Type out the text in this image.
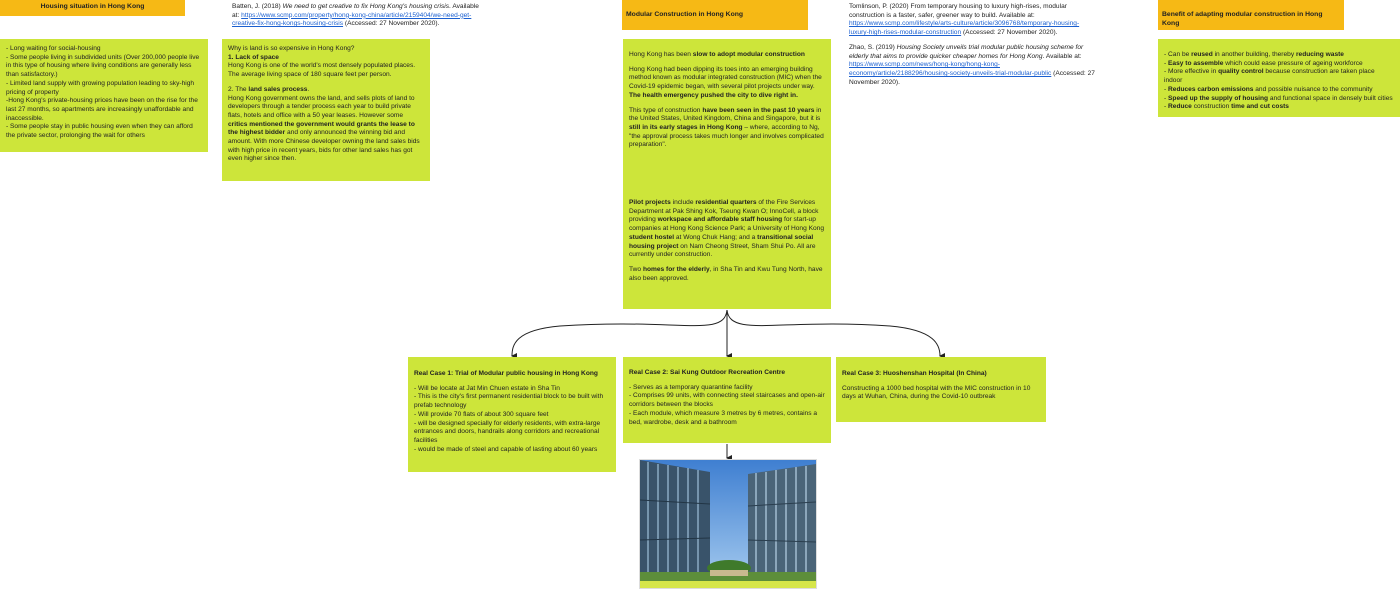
Housing situation in Hong Kong
- Long waiting for social-housing
- Some people living in subdivided units (Over 200,000 people live in this type of housing where living conditions are generally less than satisfactory.)
- Limited land supply with growing population leading to sky-high pricing of property
-Hong Kong's private-housing prices have been on the rise for the last 27 months, so apartments are increasingly unaffordable and inaccessible.
- Some people stay in public housing even when they can afford the private sector, prolonging the wait for others
Batten, J. (2018) We need to get creative to fix Hong Kong's housing crisis. Available at: https://www.scmp.com/property/hong-kong-china/article/2159404/we-need-get-creative-fix-hong-kongs-housing-crisis (Accessed: 27 November 2020).
Why is land is so expensive in Hong Kong?
1. Lack of space
Hong Kong is one of the world's most densely populated places. The average living space of 180 square feet per person.
2. The land sales process.
Hong Kong government owns the land, and sells plots of land to developers through a tender process each year to build private flats, hotels and office with a 50 year leases. However some critics mentioned the government would grants the lease to the highest bidder and only announced the winning bid and amount. With more Chinese developer owning the land sales bids with high price in recent years, bids for other land sales has got even higher since then.
Modular Construction in Hong Kong
Hong Kong has been slow to adopt modular construction
Hong Kong had been dipping its toes into an emerging building method known as modular integrated construction (MIC) when the Covid-19 epidemic began, with several pilot projects under way. The health emergency pushed the city to dive right in.
This type of construction have been seen in the past 10 years in the United States, United Kingdom, China and Singapore, but it is still in its early stages in Hong Kong – where, according to Ng, "the approval process takes much longer and involves complicated preparation".
Pilot projects include residential quarters of the Fire Services Department at Pak Shing Kok, Tseung Kwan O; InnoCell, a block providing workspace and affordable staff housing for start-up companies at Hong Kong Science Park; a University of Hong Kong student hostel at Wong Chuk Hang; and a transitional social housing project on Nam Cheong Street, Sham Shui Po. All are currently under construction.
Two homes for the elderly, in Sha Tin and Kwu Tung North, have also been approved.
Tomlinson, P. (2020) From temporary housing to luxury high-rises, modular construction is a faster, safer, greener way to build. Available at: https://www.scmp.com/lifestyle/arts-culture/article/3096768/temporary-housing-luxury-high-rises-modular-construction (Accessed: 27 November 2020).
Zhao, S. (2019) Housing Society unveils trial modular public housing scheme for elderly that aims to provide quicker cheaper homes for Hong Kong. Available at: https://www.scmp.com/news/hong-kong/hong-kong-economy/article/2188296/housing-society-unveils-trial-modular-public (Accessed: 27 November 2020).
Benefit of adapting modular construction in Hong Kong
- Can be reused in another building, thereby reducing waste
- Easy to assemble which could ease pressure of ageing workforce
- More effective in quality control because construction are taken place indoor
- Reduces carbon emissions and possible nuisance to the community
- Speed up the supply of housing and functional space in densely built cities
- Reduce construction time and cut costs
Real Case 1: Trial of Modular public housing in Hong Kong
- Will be locate at Jat Min Chuen estate in Sha Tin
- This is the city's first permanent residential block to be built with prefab technology
- Will provide 70 flats of about 300 square feet
- will be designed specially for elderly residents, with extra-large entrances and doors, handrails along corridors and recreational facilities
- would be made of steel and capable of lasting about 60 years
Real Case 2: Sai Kung Outdoor Recreation Centre
- Serves as a temporary quarantine facility
- Comprises 99 units, with connecting steel staircases and open-air corridors between the blocks
- Each module, which measure 3 metres by 6 metres, contains a bed, wardrobe, desk and a bathroom
Real Case 3: Huoshenshan Hospital (In China)
Constructing a 1000 bed hospital with the MIC construction in 10 days at Wuhan, China, during the Covid-10 outbreak
